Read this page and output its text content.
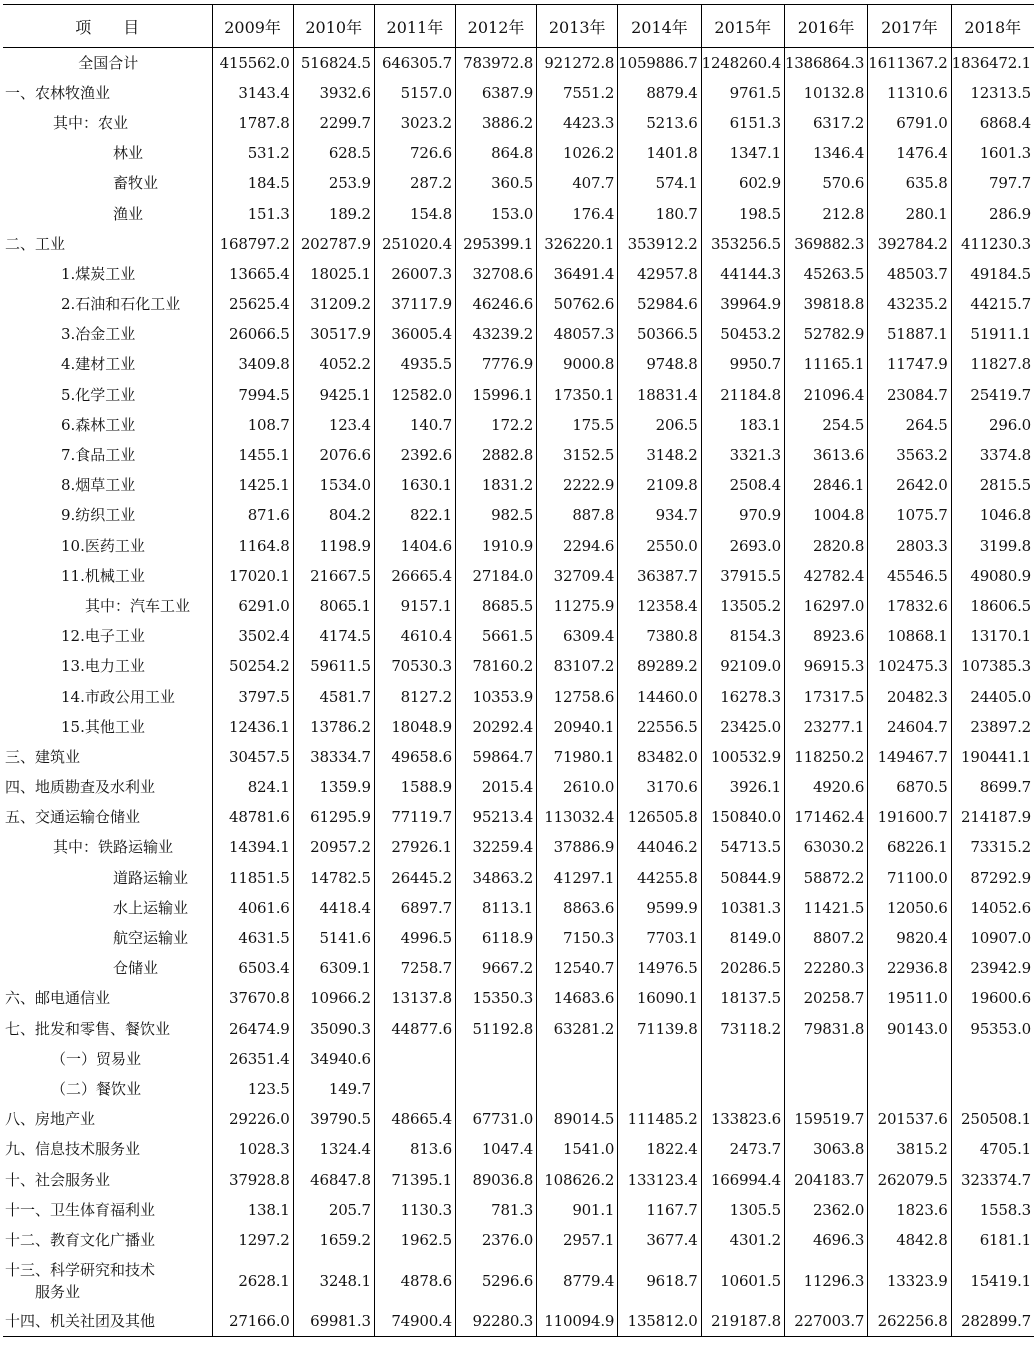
项　　目	2009年	2010年	2011年	2012年	2013年	2014年	2015年	2016年	2017年	2018年
全国合计	415562.0	516824.5	646305.7	783972.8	921272.8	1059886.7	1248260.4	1386864.3	1611367.2	1836472.1
一、农林牧渔业	3143.4	3932.6	5157.0	6387.9	7551.2	8879.4	9761.5	10132.8	11310.6	12313.5
其中：农业	1787.8	2299.7	3023.2	3886.2	4423.3	5213.6	6151.3	6317.2	6791.0	6868.4
林业	531.2	628.5	726.6	864.8	1026.2	1401.8	1347.1	1346.4	1476.4	1601.3
畜牧业	184.5	253.9	287.2	360.5	407.7	574.1	602.9	570.6	635.8	797.7
渔业	151.3	189.2	154.8	153.0	176.4	180.7	198.5	212.8	280.1	286.9
二、工业	168797.2	202787.9	251020.4	295399.1	326220.1	353912.2	353256.5	369882.3	392784.2	411230.3
1.煤炭工业	13665.4	18025.1	26007.3	32708.6	36491.4	42957.8	44144.3	45263.5	48503.7	49184.5
2.石油和石化工业	25625.4	31209.2	37117.9	46246.6	50762.6	52984.6	39964.9	39818.8	43235.2	44215.7
3.冶金工业	26066.5	30517.9	36005.4	43239.2	48057.3	50366.5	50453.2	52782.9	51887.1	51911.1
4.建材工业	3409.8	4052.2	4935.5	7776.9	9000.8	9748.8	9950.7	11165.1	11747.9	11827.8
5.化学工业	7994.5	9425.1	12582.0	15996.1	17350.1	18831.4	21184.8	21096.4	23084.7	25419.7
6.森林工业	108.7	123.4	140.7	172.2	175.5	206.5	183.1	254.5	264.5	296.0
7.食品工业	1455.1	2076.6	2392.6	2882.8	3152.5	3148.2	3321.3	3613.6	3563.2	3374.8
8.烟草工业	1425.1	1534.0	1630.1	1831.2	2222.9	2109.8	2508.4	2846.1	2642.0	2815.5
9.纺织工业	871.6	804.2	822.1	982.5	887.8	934.7	970.9	1004.8	1075.7	1046.8
10.医药工业	1164.8	1198.9	1404.6	1910.9	2294.6	2550.0	2693.0	2820.8	2803.3	3199.8
11.机械工业	17020.1	21667.5	26665.4	27184.0	32709.4	36387.7	37915.5	42782.4	45546.5	49080.9
其中：汽车工业	6291.0	8065.1	9157.1	8685.5	11275.9	12358.4	13505.2	16297.0	17832.6	18606.5
12.电子工业	3502.4	4174.5	4610.4	5661.5	6309.4	7380.8	8154.3	8923.6	10868.1	13170.1
13.电力工业	50254.2	59611.5	70530.3	78160.2	83107.2	89289.2	92109.0	96915.3	102475.3	107385.3
14.市政公用工业	3797.5	4581.7	8127.2	10353.9	12758.6	14460.0	16278.3	17317.5	20482.3	24405.0
15.其他工业	12436.1	13786.2	18048.9	20292.4	20940.1	22556.5	23425.0	23277.1	24604.7	23897.2
三、建筑业	30457.5	38334.7	49658.6	59864.7	71980.1	83482.0	100532.9	118250.2	149467.7	190441.1
四、地质勘查及水利业	824.1	1359.9	1588.9	2015.4	2610.0	3170.6	3926.1	4920.6	6870.5	8699.7
五、交通运输仓储业	48781.6	61295.9	77119.7	95213.4	113032.4	126505.8	150840.0	171462.4	191600.7	214187.9
其中：铁路运输业	14394.1	20957.2	27926.1	32259.4	37886.9	44046.2	54713.5	63030.2	68226.1	73315.2
道路运输业	11851.5	14782.5	26445.2	34863.2	41297.1	44255.8	50844.9	58872.2	71100.0	87292.9
水上运输业	4061.6	4418.4	6897.7	8113.1	8863.6	9599.9	10381.3	11421.5	12050.6	14052.6
航空运输业	4631.5	5141.6	4996.5	6118.9	7150.3	7703.1	8149.0	8807.2	9820.4	10907.0
仓储业	6503.4	6309.1	7258.7	9667.2	12540.7	14976.5	20286.5	22280.3	22936.8	23942.9
六、邮电通信业	37670.8	10966.2	13137.8	15350.3	14683.6	16090.1	18137.5	20258.7	19511.0	19600.6
七、批发和零售、餐饮业	26474.9	35090.3	44877.6	51192.8	63281.2	71139.8	73118.2	79831.8	90143.0	95353.0
（一）贸易业	26351.4	34940.6								
（二）餐饮业	123.5	149.7								
八、房地产业	29226.0	39790.5	48665.4	67731.0	89014.5	111485.2	133823.6	159519.7	201537.6	250508.1
九、信息技术服务业	1028.3	1324.4	813.6	1047.4	1541.0	1822.4	2473.7	3063.8	3815.2	4705.1
十、社会服务业	37928.8	46847.8	71395.1	89036.8	108626.2	133123.4	166994.4	204183.7	262079.5	323374.7
十一、卫生体育福利业	138.1	205.7	1130.3	781.3	901.1	1167.7	1305.5	2362.0	1823.6	1558.3
十二、教育文化广播业	1297.2	1659.2	1962.5	2376.0	2957.1	3677.4	4301.2	4696.3	4842.8	6181.1
十三、科学研究和技术
　　服务业	2628.1	3248.1	4878.6	5296.6	8779.4	9618.7	10601.5	11296.3	13323.9	15419.1
十四、机关社团及其他	27166.0	69981.3	74900.4	92280.3	110094.9	135812.0	219187.8	227003.7	262256.8	282899.7
